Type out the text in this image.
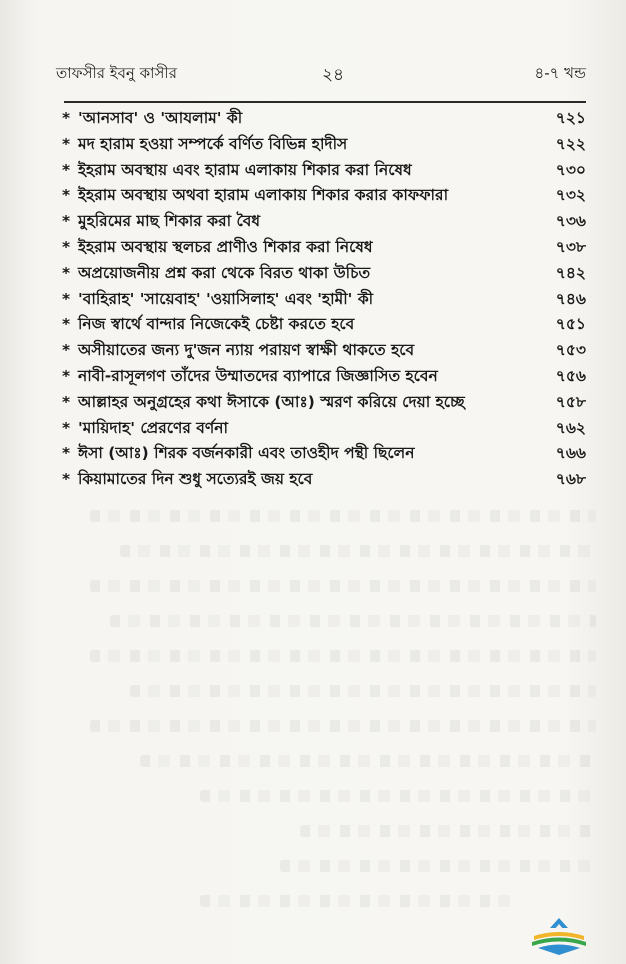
তাফসীর ইবনু কাসীর	২৪	৪-৭ খন্ড
* 'আনসাব' ও 'আযলাম' কী	৭২১
* মদ হারাম হওয়া সম্পর্কে বর্ণিত বিভিন্ন হাদীস	৭২২
* ইহরাম অবস্থায় এবং হারাম এলাকায় শিকার করা নিষেধ	৭৩০
* ইহরাম অবস্থায় অথবা হারাম এলাকায় শিকার করার কাফফারা	৭৩২
* মুহরিমের মাছ শিকার করা বৈধ	৭৩৬
* ইহরাম অবস্থায় স্থলচর প্রাণীও শিকার করা নিষেধ	৭৩৮
* অপ্রয়োজনীয় প্রশ্ন করা থেকে বিরত থাকা উচিত	৭৪২
* 'বাহিরাহ' 'সায়েবাহ' 'ওয়াসিলাহ' এবং 'হামী' কী	৭৪৬
* নিজ স্বার্থে বান্দার নিজেকেই চেষ্টা করতে হবে	৭৫১
* অসীয়াতের জন্য দু'জন ন্যায় পরায়ণ স্বাক্ষী থাকতে হবে	৭৫৩
* নাবী-রাসূলগণ তাঁদের উম্মাতদের ব্যাপারে জিজ্ঞাসিত হবেন	৭৫৬
* আল্লাহর অনুগ্রহের কথা ঈসাকে (আঃ) স্মরণ করিয়ে দেয়া হচ্ছে	৭৫৮
* 'মায়িদাহ' প্রেরণের বর্ণনা	৭৬২
* ঈসা (আঃ) শিরক বর্জনকারী এবং তাওহীদ পন্থী ছিলেন	৭৬৬
* কিয়ামাতের দিন শুধু সত্যেরই জয় হবে	৭৬৮
